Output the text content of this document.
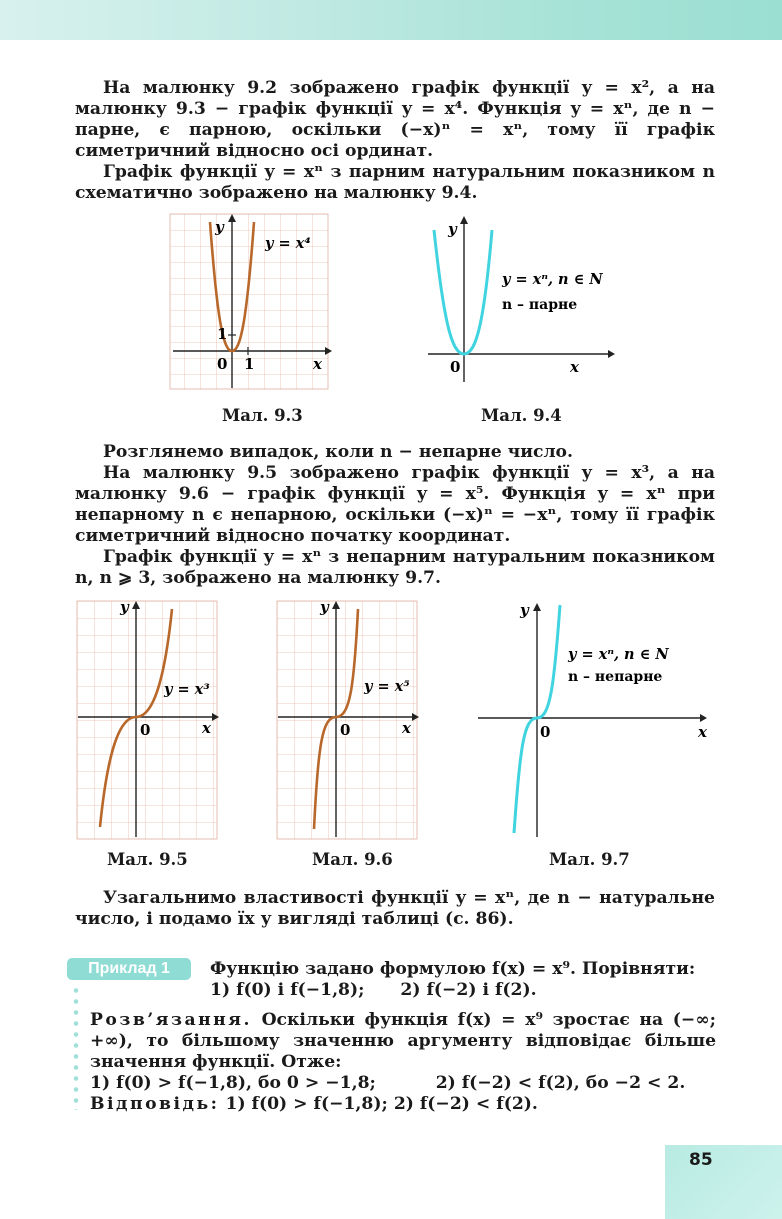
На малюнку 9.2 зображено графік функції y = x², а на малюнку 9.3 − графік функції y = x⁴. Функція y = xⁿ, де n − парне, є парною, оскільки (−x)ⁿ = xⁿ, тому її графік симетричний відносно осі ординат.

Графік функції y = xⁿ з парним натуральним показником n схематично зображено на малюнку 9.4.

y
x
0 1
1
y = x⁴
Мал. 9.3
y
x
0
y = xⁿ, n ∈ N
n – парне
Мал. 9.4

Розглянемо випадок, коли n − непарне число.

На малюнку 9.5 зображено графік функції y = x³, а на малюнку 9.6 − графік функції y = x⁵. Функція y = xⁿ при непарному n є непарною, оскільки (−x)ⁿ = −xⁿ, тому її графік симетричний відносно початку координат.

Графік функції y = xⁿ з непарним натуральним показником n, n ⩾ 3, зображено на малюнку 9.7.

y
x
0
y = x³
Мал. 9.5
y
x
0
y = x⁵
Мал. 9.6
y
x
0
y = xⁿ, n ∈ N
n – непарне
Мал. 9.7

Узагальнимо властивості функції y = xⁿ, де n − натуральне число, і подамо їх у вигляді таблиці (с. 86).

Приклад 1	Функцію задано формулою f(x) = x⁹. Порівняти:

1) f(0) і f(−1,8);      2) f(−2) і f(2).

Розв’язання. Оскільки функція f(x) = x⁹ зростає на (−∞; +∞), то більшому значенню аргументу відповідає більше значення функції. Отже:

1) f(0) > f(−1,8), бо 0 > −1,8;          2) f(−2) < f(2), бо −2 < 2.

Відповідь: 1) f(0) > f(−1,8); 2) f(−2) < f(2).

85
